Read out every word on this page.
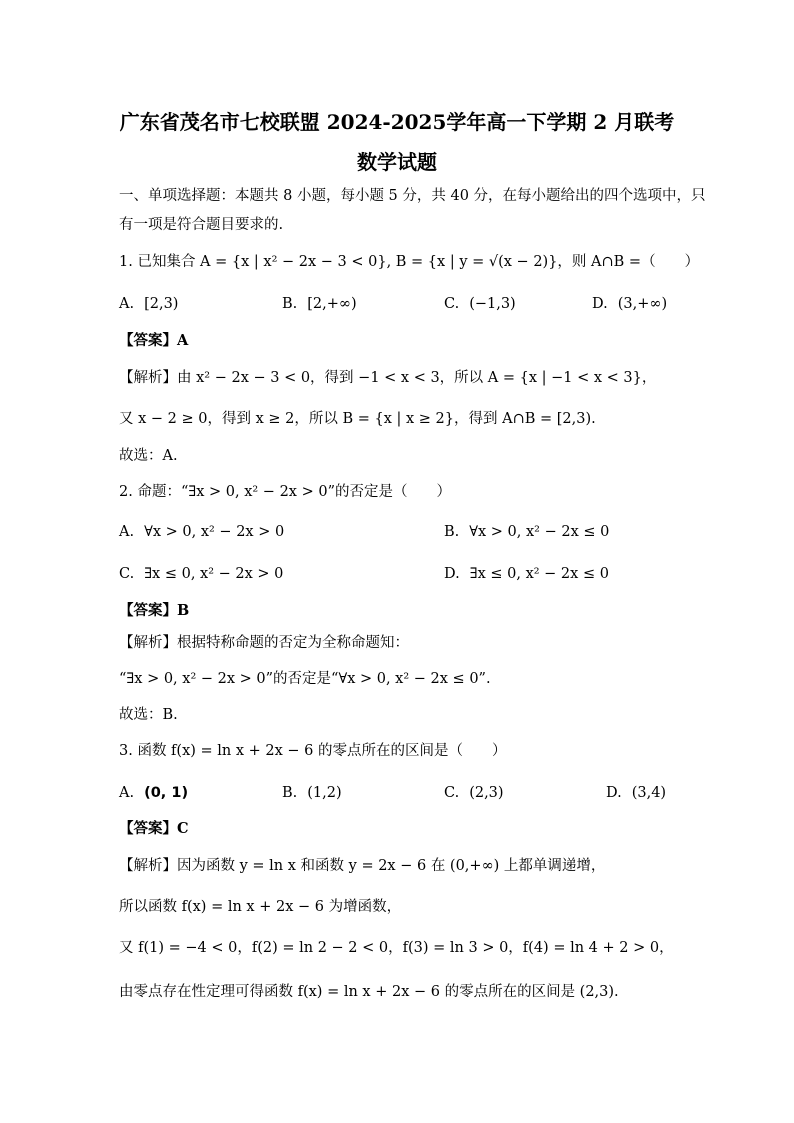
广东省茂名市七校联盟 2024-2025学年高一下学期 2 月联考
数学试题
一、单项选择题：本题共 8 小题，每小题 5 分，共 40 分，在每小题给出的四个选项中，只
有一项是符合题目要求的.
1. 已知集合 A = {x | x² − 2x − 3 < 0}, B = {x | y = √(x − 2)}，则 A∩B =（　　）
A. [2,3)	B. [2,+∞)	C. (−1,3)	D. (3,+∞)
【答案】A
【解析】由 x² − 2x − 3 < 0，得到 −1 < x < 3，所以 A = {x | −1 < x < 3}，
又 x − 2 ≥ 0，得到 x ≥ 2，所以 B = {x | x ≥ 2}，得到 A∩B = [2,3).
故选：A.
2. 命题：“∃x > 0, x² − 2x > 0”的否定是（　　）
A. ∀x > 0, x² − 2x > 0	B. ∀x > 0, x² − 2x ≤ 0
C. ∃x ≤ 0, x² − 2x > 0	D. ∃x ≤ 0, x² − 2x ≤ 0
【答案】B
【解析】根据特称命题的否定为全称命题知：
“∃x > 0, x² − 2x > 0”的否定是“∀x > 0, x² − 2x ≤ 0”.
故选：B.
3. 函数 f(x) = ln x + 2x − 6 的零点所在的区间是（　　）
A. (0, 1)	B. (1,2)	C. (2,3)	D. (3,4)
【答案】C
【解析】因为函数 y = ln x 和函数 y = 2x − 6 在 (0,+∞) 上都单调递增，
所以函数 f(x) = ln x + 2x − 6 为增函数，
又 f(1) = −4 < 0，f(2) = ln 2 − 2 < 0，f(3) = ln 3 > 0，f(4) = ln 4 + 2 > 0，
由零点存在性定理可得函数 f(x) = ln x + 2x − 6 的零点所在的区间是 (2,3).
